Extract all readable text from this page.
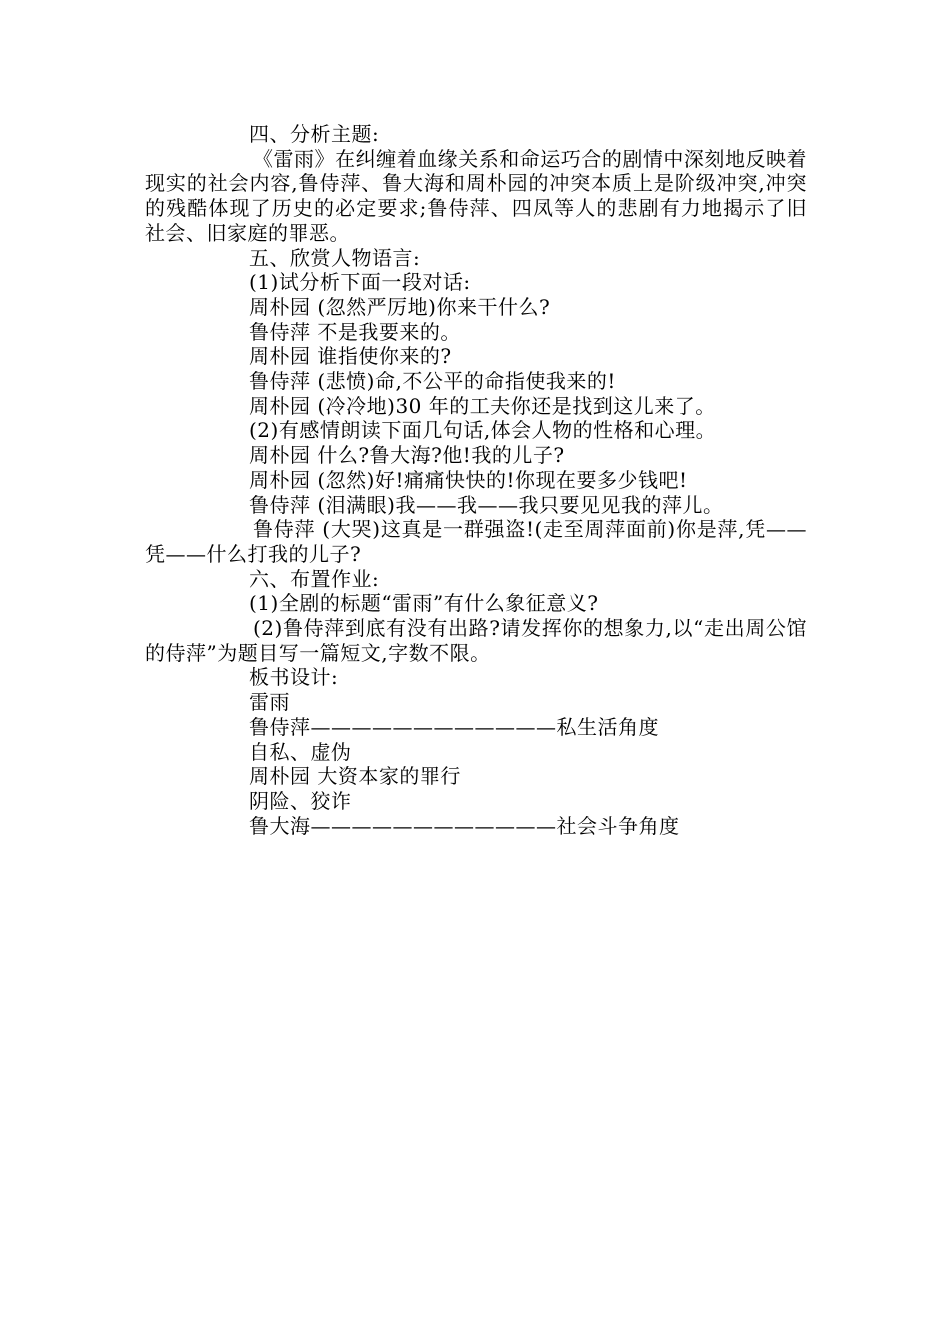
四、分析主题:
《雷雨》在纠缠着血缘关系和命运巧合的剧情中深刻地反映着现实的社会内容,鲁侍萍、鲁大海和周朴园的冲突本质上是阶级冲突,冲突的残酷体现了历史的必定要求;鲁侍萍、四凤等人的悲剧有力地揭示了旧社会、旧家庭的罪恶。
五、欣赏人物语言:
(1)试分析下面一段对话:
周朴园 (忽然严厉地)你来干什么?
鲁侍萍 不是我要来的。
周朴园 谁指使你来的?
鲁侍萍 (悲愤)命,不公平的命指使我来的!
周朴园 (冷冷地)30 年的工夫你还是找到这儿来了。
(2)有感情朗读下面几句话,体会人物的性格和心理。
周朴园 什么?鲁大海?他!我的儿子?
周朴园 (忽然)好!痛痛快快的!你现在要多少钱吧!
鲁侍萍 (泪满眼)我——我——我只要见见我的萍儿。
鲁侍萍 (大哭)这真是一群强盗!(走至周萍面前)你是萍,凭——凭——什么打我的儿子?
六、布置作业:
(1)全剧的标题“雷雨”有什么象征意义?
(2)鲁侍萍到底有没有出路?请发挥你的想象力,以“走出周公馆的侍萍”为题目写一篇短文,字数不限。
板书设计:
雷雨
鲁侍萍————————————私生活角度
自私、虚伪
周朴园 大资本家的罪行
阴险、狡诈
鲁大海————————————社会斗争角度
